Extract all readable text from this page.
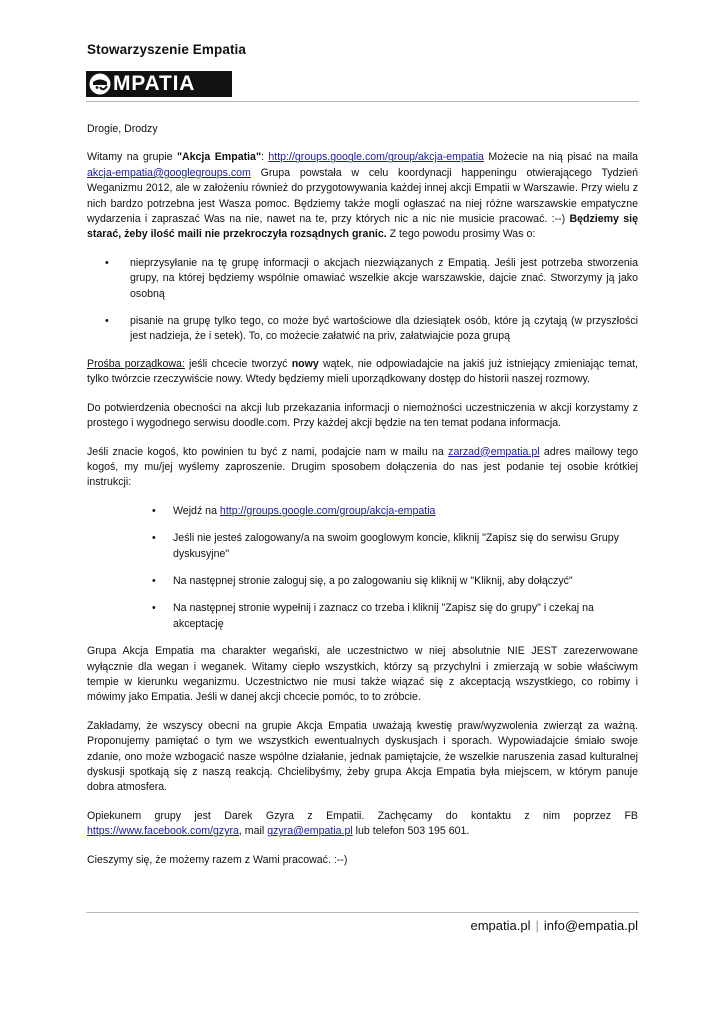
Stowarzyszenie Empatia
MPATIA

Drogie, Drodzy

Witamy na grupie "Akcja Empatia": http://groups.google.com/group/akcja-empatia Możecie na nią pisać na maila akcja-empatia@googlegroups.com Grupa powstała w celu koordynacji happeningu otwierającego Tydzień Weganizmu 2012, ale w założeniu również do przygotowywania każdej innej akcji Empatii w Warszawie. Przy wielu z nich bardzo potrzebna jest Wasza pomoc. Będziemy także mogli ogłaszać na niej różne warszawskie empatyczne wydarzenia i zapraszać Was na nie, nawet na te, przy których nic a nic nie musicie pracować. :--) Będziemy się starać, żeby ilość maili nie przekroczyła rozsądnych granic. Z tego powodu prosimy Was o:

• nieprzysyłanie na tę grupę informacji o akcjach niezwiązanych z Empatią. Jeśli jest potrzeba stworzenia grupy, na której będziemy wspólnie omawiać wszelkie akcje warszawskie, dajcie znać. Stworzymy ją jako osobną
• pisanie na grupę tylko tego, co może być wartościowe dla dziesiątek osób, które ją czytają (w przyszłości jest nadzieja, że i setek). To, co możecie załatwić na priv, załatwiajcie poza grupą

Prośba porządkowa: jeśli chcecie tworzyć nowy wątek, nie odpowiadajcie na jakiś już istniejący zmieniając temat, tylko twórzcie rzeczywiście nowy. Wtedy będziemy mieli uporządkowany dostęp do historii naszej rozmowy.

Do potwierdzenia obecności na akcji lub przekazania informacji o niemożności uczestniczenia w akcji korzystamy z prostego i wygodnego serwisu doodle.com. Przy każdej akcji będzie na ten temat podana informacja.

Jeśli znacie kogoś, kto powinien tu być z nami, podajcie nam w mailu na zarzad@empatia.pl adres mailowy tego kogoś, my mu/jej wyślemy zaproszenie. Drugim sposobem dołączenia do nas jest podanie tej osobie krótkiej instrukcji:

• Wejdź na http://groups.google.com/group/akcja-empatia
• Jeśli nie jesteś zalogowany/a na swoim googlowym koncie, kliknij "Zapisz się do serwisu Grupy dyskusyjne"
• Na następnej stronie zaloguj się, a po zalogowaniu się kliknij w "Kliknij, aby dołączyć"
• Na następnej stronie wypełnij i zaznacz co trzeba i kliknij "Zapisz się do grupy" i czekaj na akceptację

Grupa Akcja Empatia ma charakter wegański, ale uczestnictwo w niej absolutnie NIE JEST zarezerwowane wyłącznie dla wegan i weganek. Witamy ciepło wszystkich, którzy są przychylni i zmierzają w sobie właściwym tempie w kierunku weganizmu. Uczestnictwo nie musi także wiązać się z akceptacją wszystkiego, co robimy i mówimy jako Empatia. Jeśli w danej akcji chcecie pomóc, to to zróbcie.

Zakładamy, że wszyscy obecni na grupie Akcja Empatia uważają kwestię praw/wyzwolenia zwierząt za ważną. Proponujemy pamiętać o tym we wszystkich ewentualnych dyskusjach i sporach. Wypowiadajcie śmiało swoje zdanie, ono może wzbogacić nasze wspólne działanie, jednak pamiętajcie, że wszelkie naruszenia zasad kulturalnej dyskusji spotkają się z naszą reakcją. Chcielibyśmy, żeby grupa Akcja Empatia była miejscem, w którym panuje dobra atmosfera.

Opiekunem grupy jest Darek Gzyra z Empatii. Zachęcamy do kontaktu z nim poprzez FB https://www.facebook.com/gzyra, mail gzyra@empatia.pl lub telefon 503 195 601.

Cieszymy się, że możemy razem z Wami pracować. :--)

empatia.pl | info@empatia.pl
